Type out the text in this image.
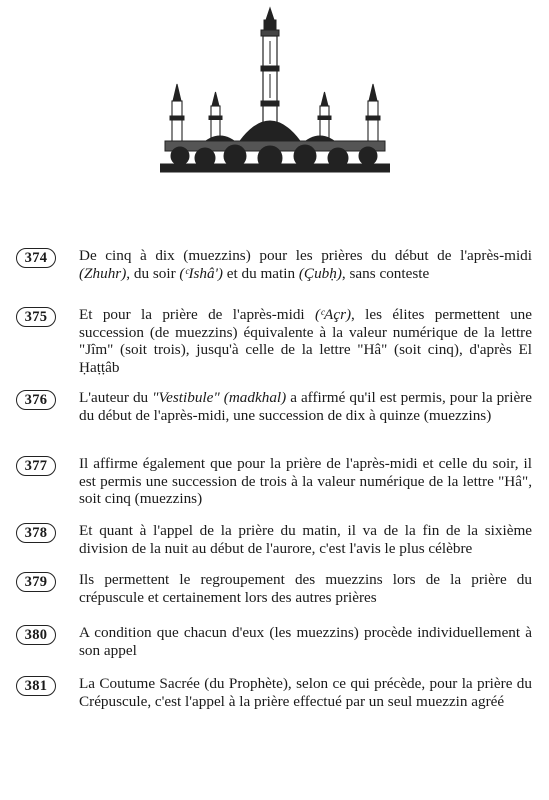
374	De cinq à dix (muezzins) pour les prières du début de l'après-midi (Zhuhr), du soir (ᶜIshâ') et du matin (Çubḥ), sans conteste
375	Et pour la prière de l'après-midi (ᶜAçr), les élites permettent une succession (de muezzins) équivalente à la valeur numérique de la lettre "Jîm" (soit trois), jusqu'à celle de la lettre "Hâ" (soit cinq), d'après El Ḥaṭṭâb
376	L'auteur du "Vestibule" (madkhal) a affirmé qu'il est permis, pour la prière du début de l'après-midi, une succession de dix à quinze (muezzins)
377	Il affirme également que pour la prière de l'après-midi et celle du soir, il est permis une succession de trois à la valeur numérique de la lettre "Hâ", soit cinq (muezzins)
378	Et quant à l'appel de la prière du matin, il va de la fin de la sixième division de la nuit au début de l'aurore, c'est l'avis le plus célèbre
379	Ils permettent le regroupement des muezzins lors de la prière du crépuscule et certainement lors des autres prières
380	A condition que chacun d'eux (les muezzins) procède individuellement à son appel
381	La Coutume Sacrée (du Prophète), selon ce qui précède, pour la prière du Crépuscule, c'est l'appel à la prière effectué par un seul muezzin agréé
